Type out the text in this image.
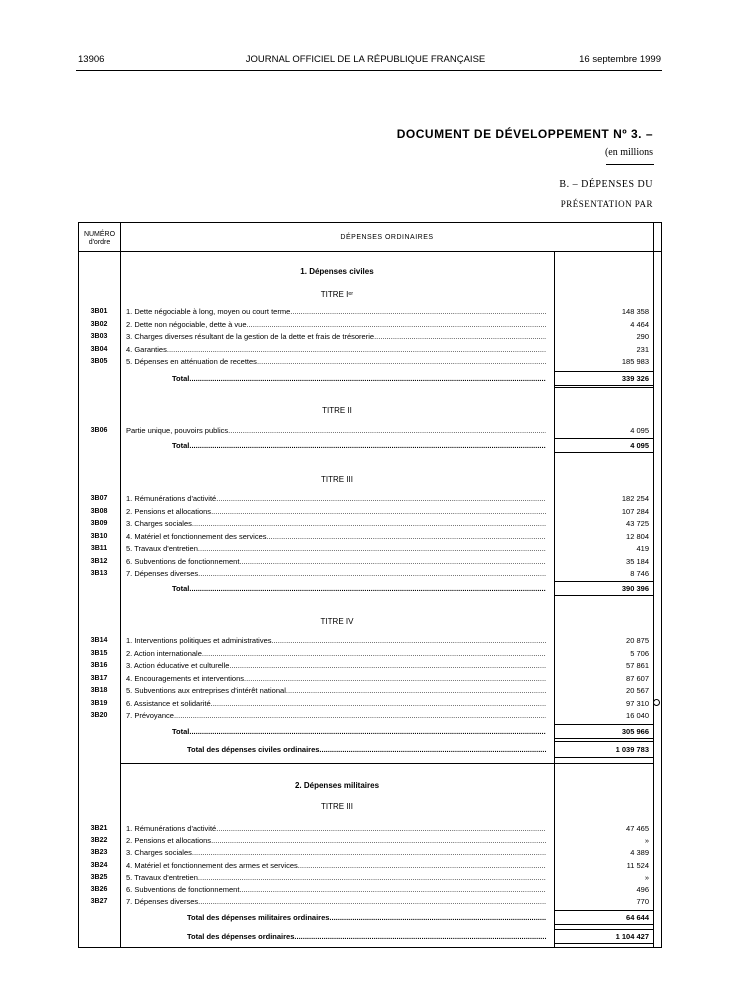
13906	JOURNAL OFFICIEL DE LA RÉPUBLIQUE FRANÇAISE	16 septembre 1999
DOCUMENT DE DÉVELOPPEMENT Nº 3. –
(en millions
B. – DÉPENSES DU
PRÉSENTATION PAR
NUMÉRO d'ordre
DÉPENSES ORDINAIRES
1. Dépenses civiles
TITRE Iᵉʳ
3B01	1. Dette négociable à long, moyen ou court terme .....	148 358
3B02	2. Dette non négociable, dette à vue .....	4 464
3B03	3. Charges diverses résultant de la gestion de la dette et frais de trésorerie .....	290
3B04	4. Garanties .....	231
3B05	5. Dépenses en atténuation de recettes .....	185 983
Total .....	339 326
TITRE II
3B06	Partie unique, pouvoirs publics .....	4 095
Total .....	4 095
TITRE III
3B07	1. Rémunérations d'activité .....	182 254
3B08	2. Pensions et allocations .....	107 284
3B09	3. Charges sociales .....	43 725
3B10	4. Matériel et fonctionnement des services .....	12 804
3B11	5. Travaux d'entretien .....	419
3B12	6. Subventions de fonctionnement .....	35 184
3B13	7. Dépenses diverses .....	8 746
Total .....	390 396
TITRE IV
3B14	1. Interventions politiques et administratives .....	20 875
3B15	2. Action internationale .....	5 706
3B16	3. Action éducative et culturelle .....	57 861
3B17	4. Encouragements et interventions .....	87 607
3B18	5. Subventions aux entreprises d'intérêt national .....	20 567
3B19	6. Assistance et solidarité .....	97 310
3B20	7. Prévoyance .....	16 040
Total .....	305 966
Total des dépenses civiles ordinaires .....	1 039 783
2. Dépenses militaires
TITRE III
3B21	1. Rémunérations d'activité .....	47 465
3B22	2. Pensions et allocations .....	»
3B23	3. Charges sociales .....	4 389
3B24	4. Matériel et fonctionnement des armes et services .....	11 524
3B25	5. Travaux d'entretien .....	»
3B26	6. Subventions de fonctionnement .....	496
3B27	7. Dépenses diverses .....	770
Total des dépenses militaires ordinaires .....	64 644
Total des dépenses ordinaires .....	1 104 427
